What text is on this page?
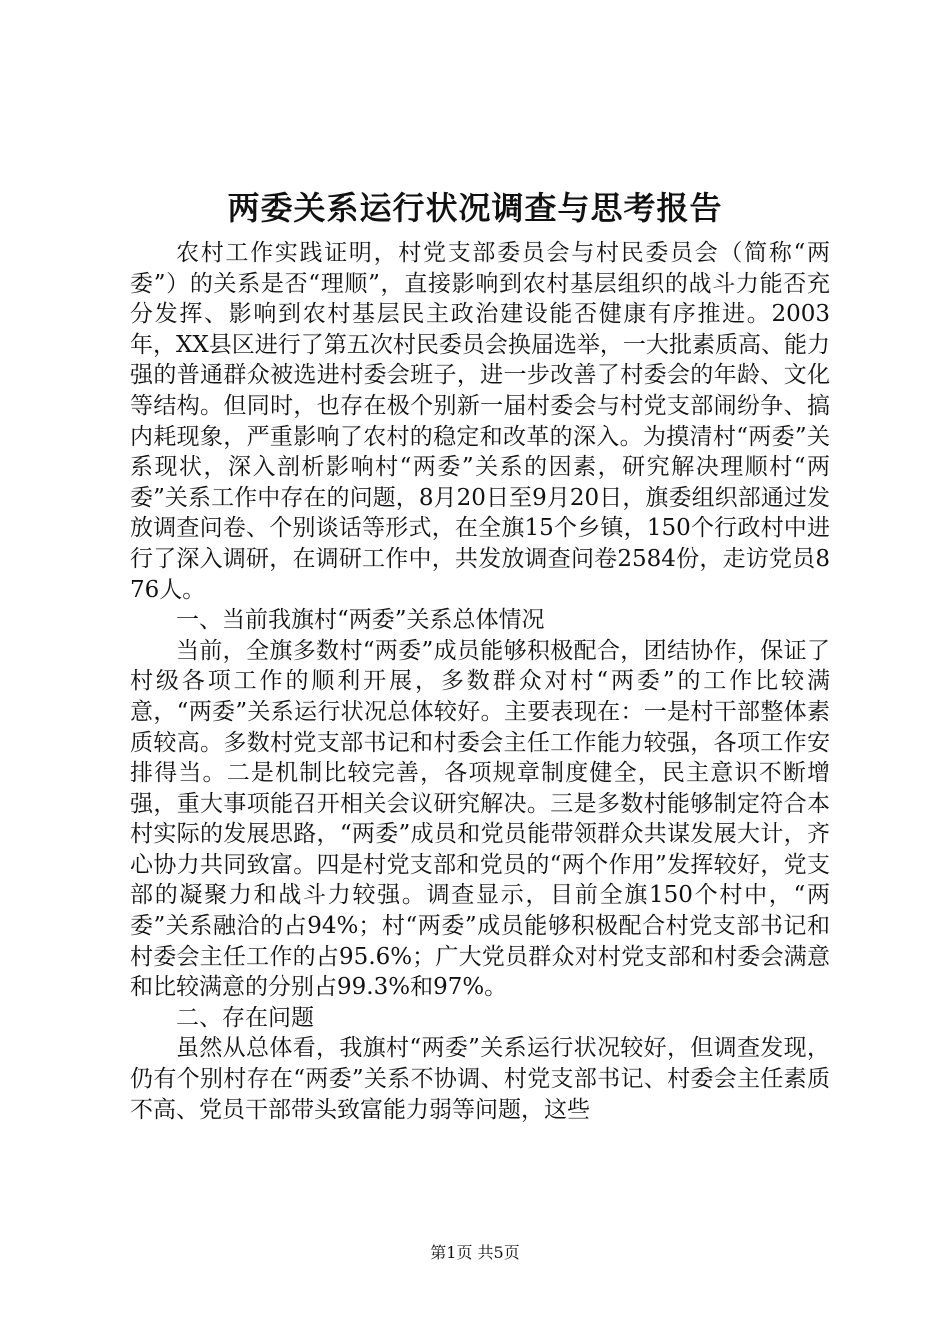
两委关系运行状况调查与思考报告

农村工作实践证明，村党支部委员会与村民委员会（简称“两委”）的关系是否“理顺”，直接影响到农村基层组织的战斗力能否充分发挥、影响到农村基层民主政治建设能否健康有序推进。2003年，XX县区进行了第五次村民委员会换届选举，一大批素质高、能力强的普通群众被选进村委会班子，进一步改善了村委会的年龄、文化等结构。但同时，也存在极个别新一届村委会与村党支部闹纷争、搞内耗现象，严重影响了农村的稳定和改革的深入。为摸清村“两委”关系现状，深入剖析影响村“两委”关系的因素，研究解决理顺村“两委”关系工作中存在的问题，8月20日至9月20日，旗委组织部通过发放调查问卷、个别谈话等形式，在全旗15个乡镇，150个行政村中进行了深入调研，在调研工作中，共发放调查问卷2584份，走访党员876人。

一、当前我旗村“两委”关系总体情况

当前，全旗多数村“两委”成员能够积极配合，团结协作，保证了村级各项工作的顺利开展，多数群众对村“两委”的工作比较满意，“两委”关系运行状况总体较好。主要表现在：一是村干部整体素质较高。多数村党支部书记和村委会主任工作能力较强，各项工作安排得当。二是机制比较完善，各项规章制度健全，民主意识不断增强，重大事项能召开相关会议研究解决。三是多数村能够制定符合本村实际的发展思路，“两委”成员和党员能带领群众共谋发展大计，齐心协力共同致富。四是村党支部和党员的“两个作用”发挥较好，党支部的凝聚力和战斗力较强。调查显示，目前全旗150个村中，“两委”关系融洽的占94%；村“两委”成员能够积极配合村党支部书记和村委会主任工作的占95.6%；广大党员群众对村党支部和村委会满意和比较满意的分别占99.3%和97%。

二、存在问题

虽然从总体看，我旗村“两委”关系运行状况较好，但调查发现，仍有个别村存在“两委”关系不协调、村党支部书记、村委会主任素质不高、党员干部带头致富能力弱等问题，这些

第1页 共5页
